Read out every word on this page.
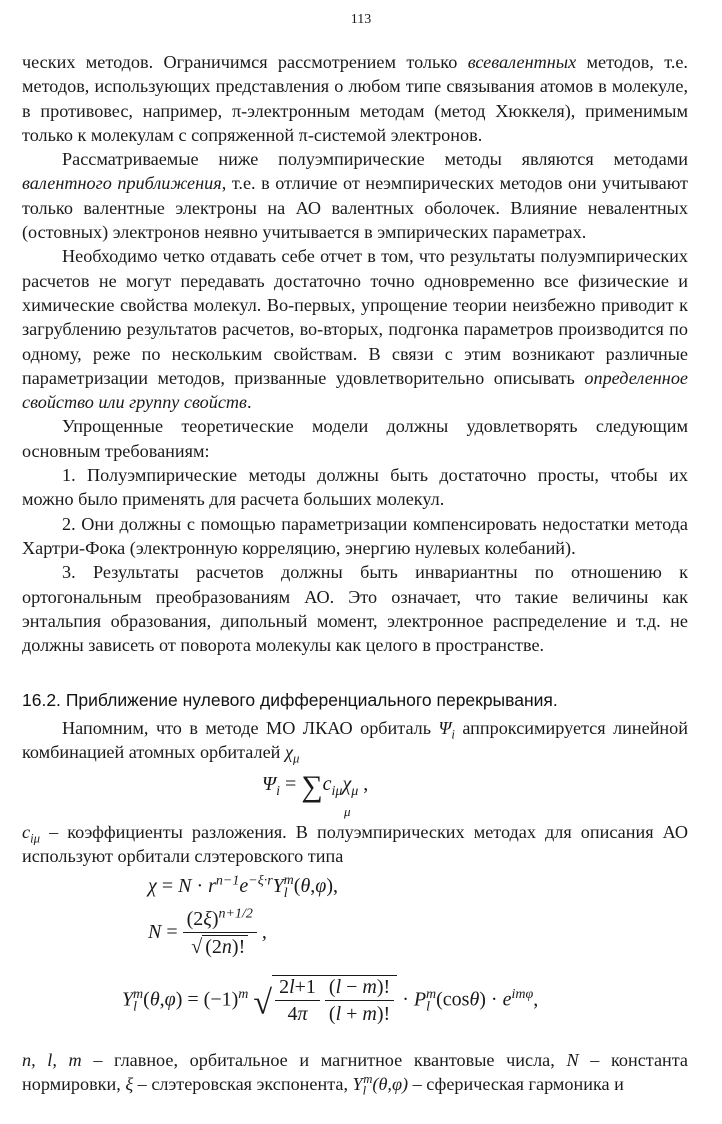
113

ческих методов. Ограничимся рассмотрением только всевалентных методов, т.е. методов, использующих представления о любом типе связывания атомов в молекуле, в противовес, например, π-электронным методам (метод Хюккеля), применимым только к молекулам с сопряженной π-системой электронов.

Рассматриваемые ниже полуэмпирические методы являются методами валентного приближения, т.е. в отличие от неэмпирических методов они учитывают только валентные электроны на АО валентных оболочек. Влияние невалентных (остовных) электронов неявно учитывается в эмпирических параметрах.

Необходимо четко отдавать себе отчет в том, что результаты полуэмпирических расчетов не могут передавать достаточно точно одновременно все физические и химические свойства молекул. Во-первых, упрощение теории неизбежно приводит к загрублению результатов расчетов, во-вторых, подгонка параметров производится по одному, реже по нескольким свойствам. В связи с этим возникают различные параметризации методов, призванные удовлетворительно описывать определенное свойство или группу свойств.

Упрощенные теоретические модели должны удовлетворять следующим основным требованиям:

1. Полуэмпирические методы должны быть достаточно просты, чтобы их можно было применять для расчета больших молекул.

2. Они должны с помощью параметризации компенсировать недостатки метода Хартри-Фока (электронную корреляцию, энергию нулевых колебаний).

3. Результаты расчетов должны быть инвариантны по отношению к ортогональным преобразованиям АО. Это означает, что такие величины как энтальпия образования, дипольный момент, электронное распределение и т.д. не должны зависеть от поворота молекулы как целого в пространстве.

16.2. Приближение нулевого дифференциального перекрывания.

Напомним, что в методе МО ЛКАО орбиталь $\Psi_i$ аппроксимируется линейной комбинацией атомных орбиталей $\chi_\mu$

$\Psi_i = \sum c_{i\mu}\chi_\mu$ ,
μ

$c_{i\mu}$ – коэффициенты разложения. В полуэмпирических методах для описания АО используют орбитали слэтеровского типа

$\chi = N \cdot r^{n-1}e^{-\xi\cdot r}Y_l^m(\theta,\varphi)$,
$N = \frac{(2\xi)^{n+1/2}}{√ (2n)!}$ ,
$Y_l^m(\theta,\varphi) = (-1)^m$ √ $\frac{2l+1}{4\pi}$
$\frac{(l - m)!}{(l + m)!} \cdot P_l^m(\cos\theta) \cdot e^{im\varphi}$,

n, l, m – главное, орбитальное и магнитное квантовые числа, N – константа нормировки, ξ – слэтеровская экспонента, $Y_l^m(\theta,\varphi)$ – сферическая гармоника и
